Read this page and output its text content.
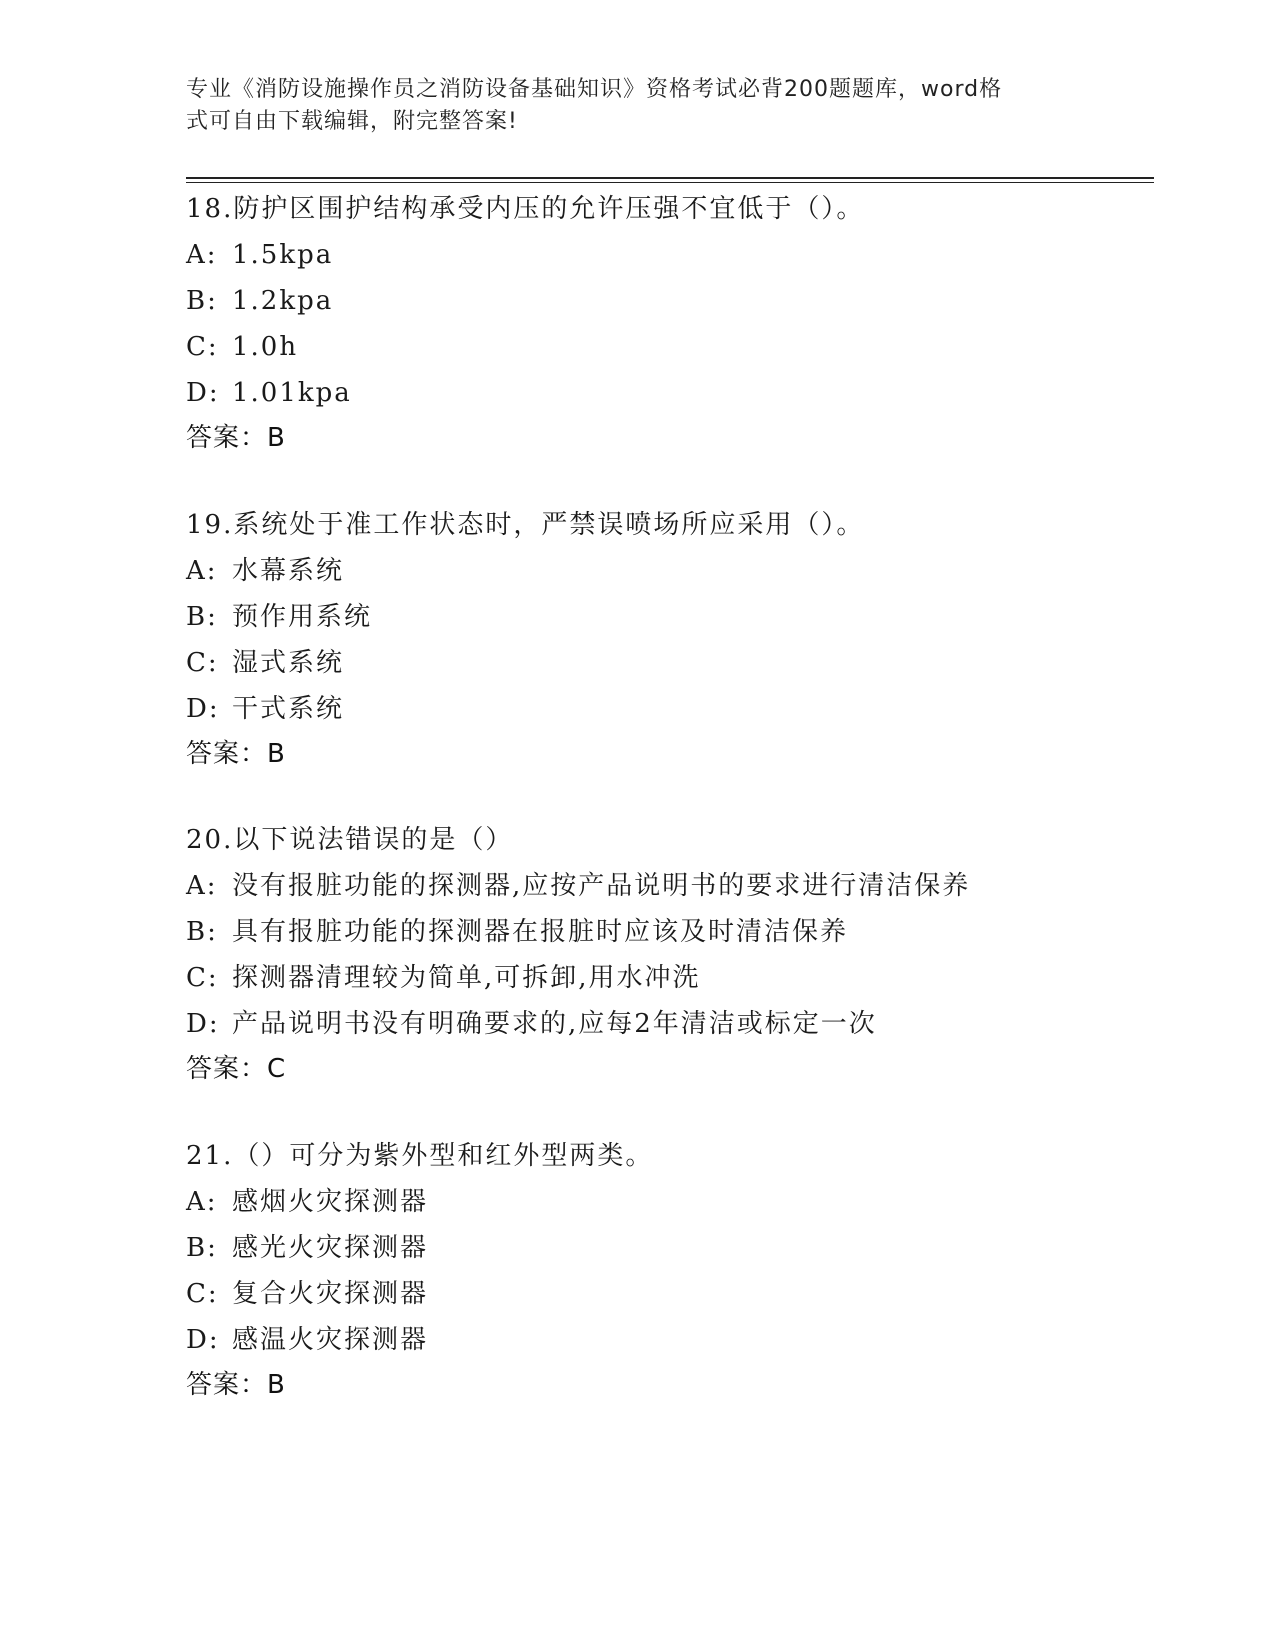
专业《消防设施操作员之消防设备基础知识》资格考试必背200题题库，word格
式可自由下载编辑，附完整答案!
18.防护区围护结构承受内压的允许压强不宜低于（）。
A: 1.5kpa
B: 1.2kpa
C: 1.0h
D: 1.01kpa
答案：B
19.系统处于准工作状态时，严禁误喷场所应采用（）。
A: 水幕系统
B: 预作用系统
C: 湿式系统
D: 干式系统
答案：B
20.以下说法错误的是（）
A: 没有报脏功能的探测器,应按产品说明书的要求进行清洁保养
B: 具有报脏功能的探测器在报脏时应该及时清洁保养
C: 探测器清理较为简单,可拆卸,用水冲洗
D: 产品说明书没有明确要求的,应每2年清洁或标定一次
答案：C
21.（）可分为紫外型和红外型两类。
A: 感烟火灾探测器
B: 感光火灾探测器
C: 复合火灾探测器
D: 感温火灾探测器
答案：B
